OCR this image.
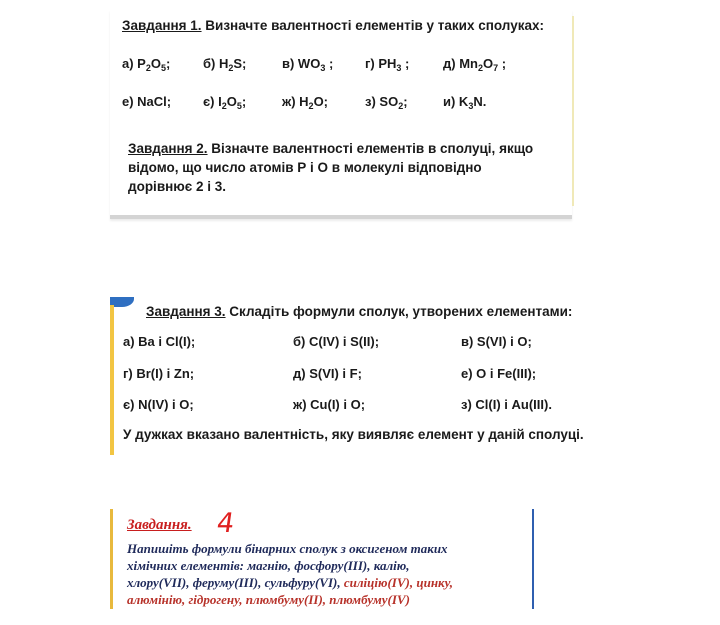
Завдання 1. Визначте валентності елементів у таких сполуках:
а) $P_2O_5$;	б) $H_2S$;	в) $WO_3$ ; г) $PH_3$ ;	д) $Mn_2O_7$ ;
е) NaCl; є) $I_2O_5$;	ж) $H_2O$;	з) $SO_2$;	и) $K_3N$.
Завдання 2. Візначте валентності елементів в сполуці, якщо
відомо, що число атомів Р і О в молекулі відповідно
дорівнює 2 і 3.
Завдання 3. Складіть формули сполук, утворених елементами:
а) Ва і Cl(I);	б) C(IV) і S(II);	в) S(VI) і O;
г) Br(I) і Zn;	д) S(VI) і F;	е) O і Fe(III);
є) N(IV) і O;	ж) Cu(I) і O;	з) Cl(I) і Au(III).
У дужках вказано валентність, яку виявляє елемент у даній сполуці.
Завдання. 4
Напишіть формули бінарних сполук з оксигеном таких
хімічних елементів: магнію, фосфору(ІІІ), калію,
хлору(VII), феруму(ІІІ), сульфуру(VI), силіцію(IV), цинку,
алюмінію, гідрогену, плюмбуму(ІІ), плюмбуму(IV)
